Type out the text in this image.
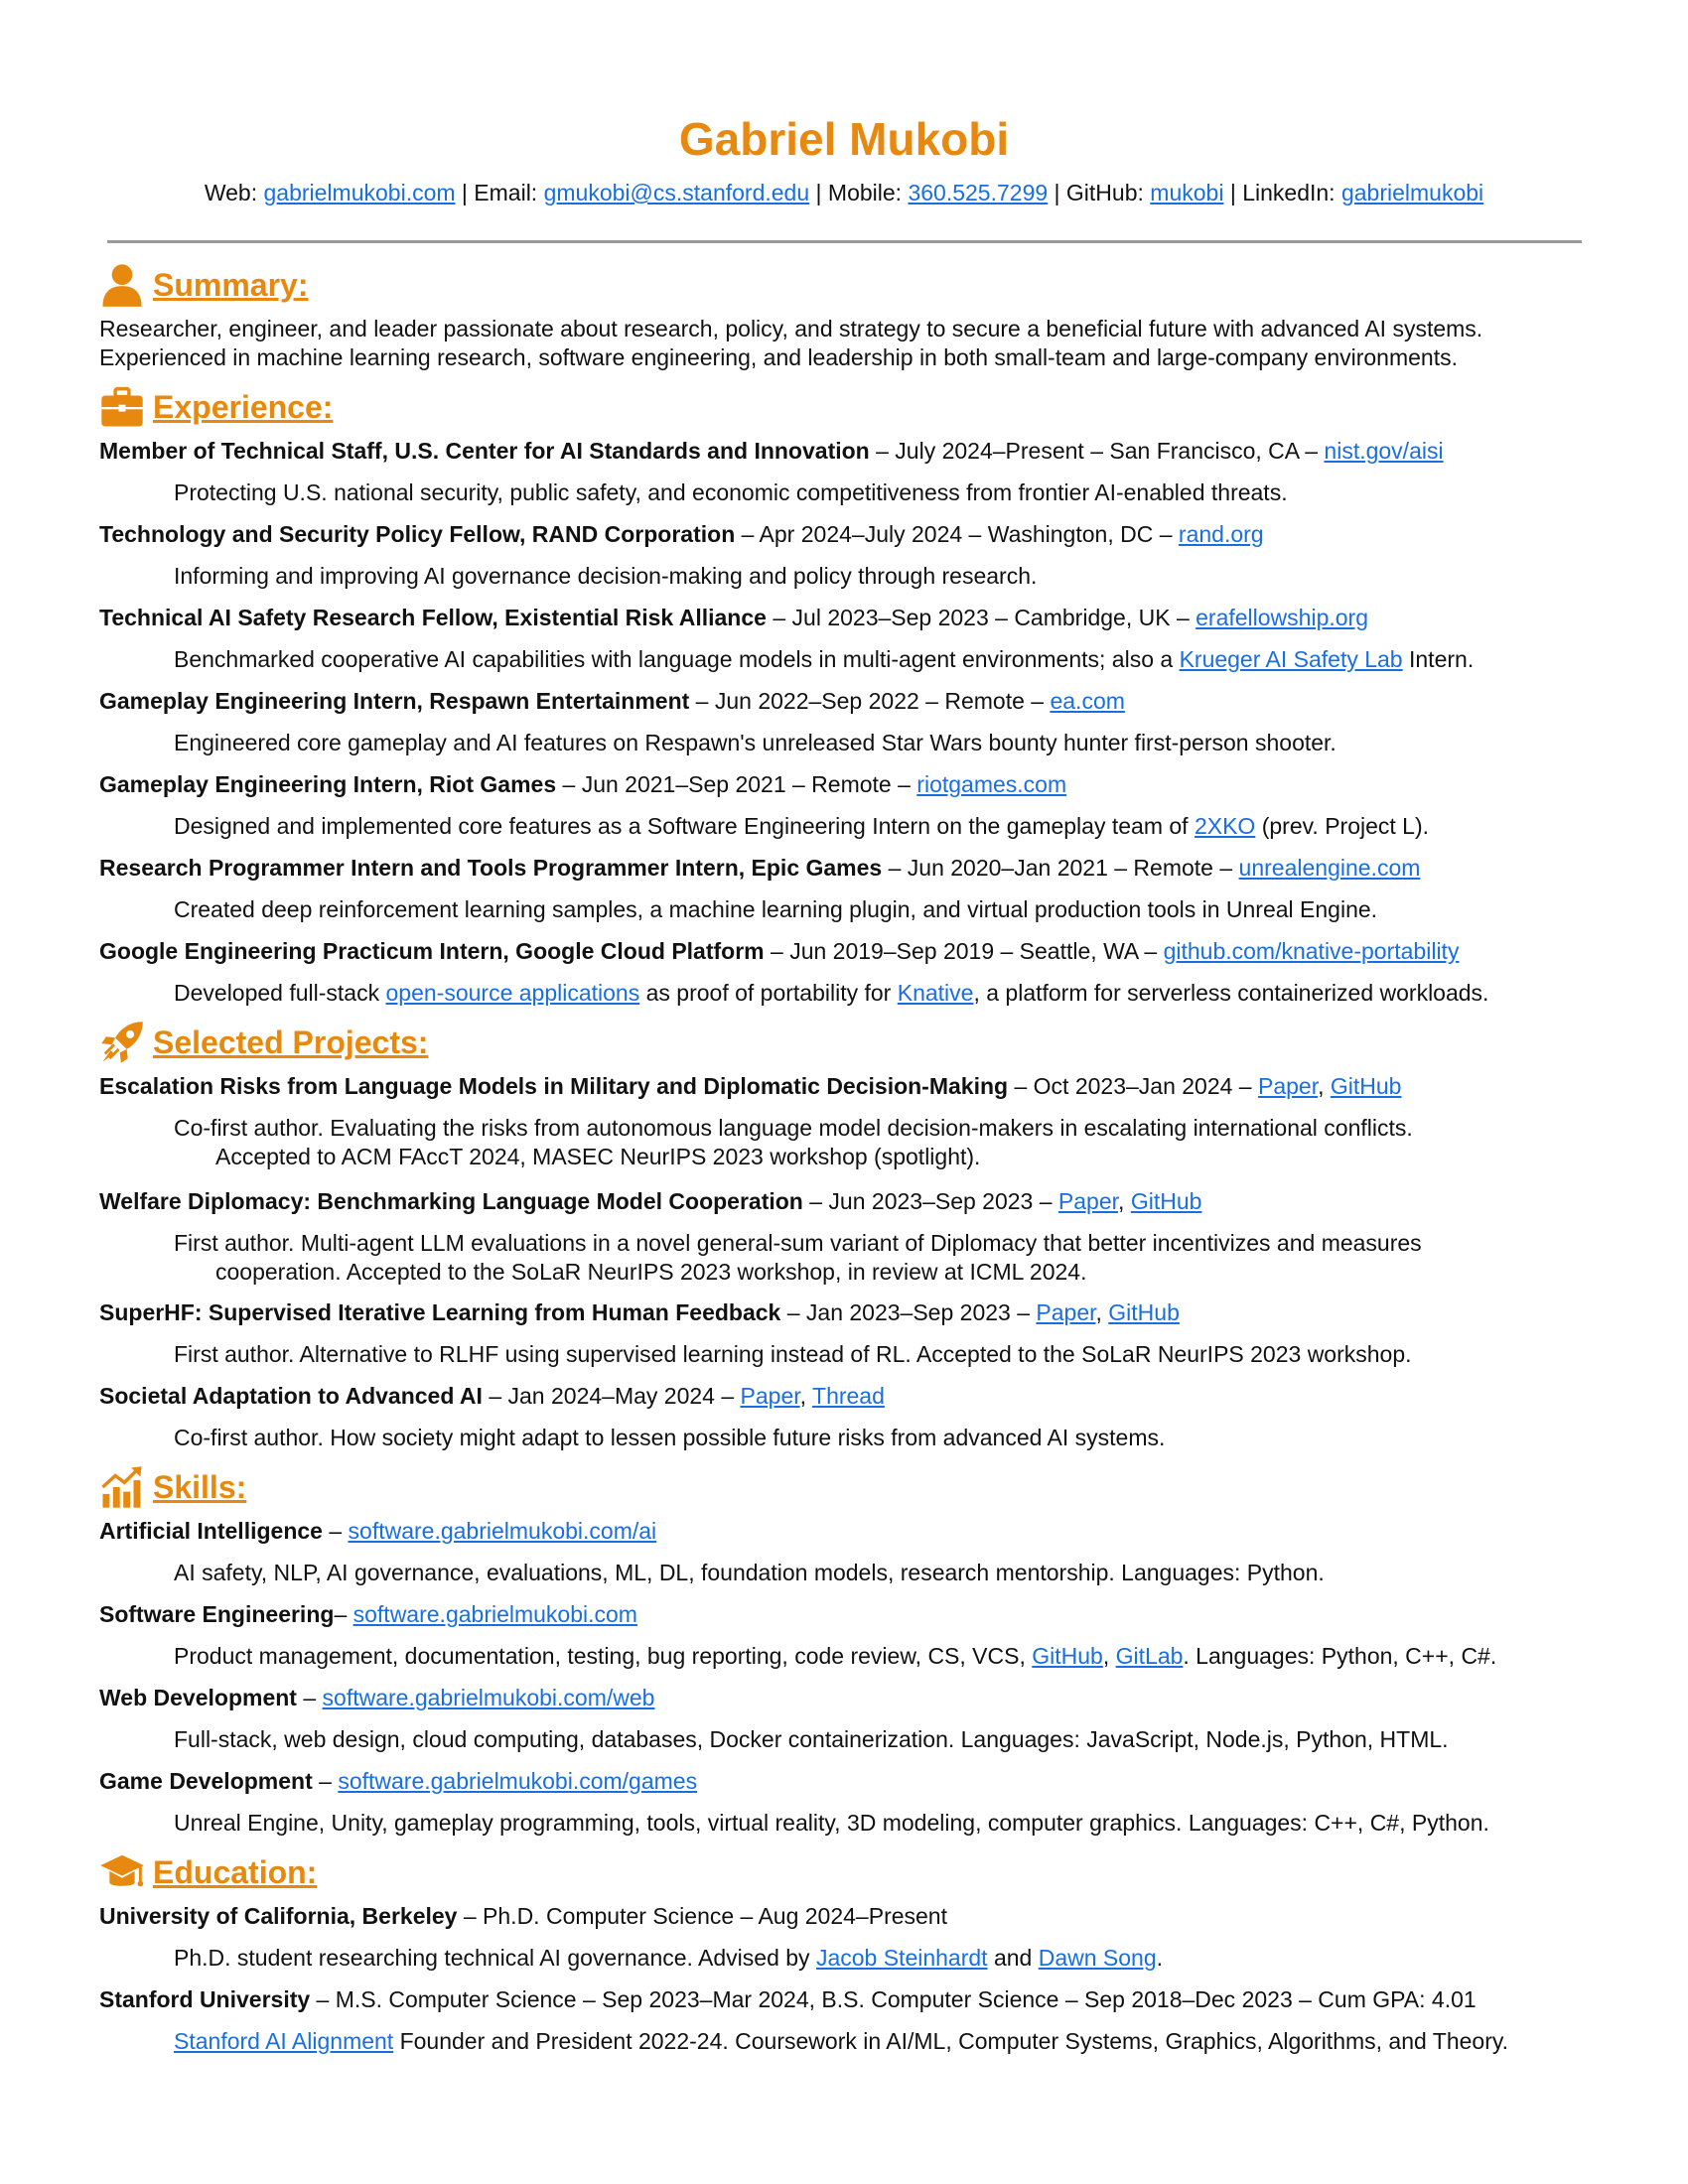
Gabriel Mukobi
Web: gabrielmukobi.com | Email: gmukobi@cs.stanford.edu | Mobile: 360.525.7299 | GitHub: mukobi | LinkedIn: gabrielmukobi
Summary:
Researcher, engineer, and leader passionate about research, policy, and strategy to secure a beneficial future with advanced AI systems.
Experienced in machine learning research, software engineering, and leadership in both small-team and large-company environments.
Experience:
Member of Technical Staff, U.S. Center for AI Standards and Innovation – July 2024–Present – San Francisco, CA – nist.gov/aisi
Protecting U.S. national security, public safety, and economic competitiveness from frontier AI-enabled threats.
Technology and Security Policy Fellow, RAND Corporation – Apr 2024–July 2024 – Washington, DC – rand.org
Informing and improving AI governance decision-making and policy through research.
Technical AI Safety Research Fellow, Existential Risk Alliance – Jul 2023–Sep 2023 – Cambridge, UK – erafellowship.org
Benchmarked cooperative AI capabilities with language models in multi-agent environments; also a Krueger AI Safety Lab Intern.
Gameplay Engineering Intern, Respawn Entertainment – Jun 2022–Sep 2022 – Remote – ea.com
Engineered core gameplay and AI features on Respawn's unreleased Star Wars bounty hunter first-person shooter.
Gameplay Engineering Intern, Riot Games – Jun 2021–Sep 2021 – Remote – riotgames.com
Designed and implemented core features as a Software Engineering Intern on the gameplay team of 2XKO (prev. Project L).
Research Programmer Intern and Tools Programmer Intern, Epic Games – Jun 2020–Jan 2021 – Remote – unrealengine.com
Created deep reinforcement learning samples, a machine learning plugin, and virtual production tools in Unreal Engine.
Google Engineering Practicum Intern, Google Cloud Platform – Jun 2019–Sep 2019 – Seattle, WA – github.com/knative-portability
Developed full-stack open-source applications as proof of portability for Knative, a platform for serverless containerized workloads.
Selected Projects:
Escalation Risks from Language Models in Military and Diplomatic Decision-Making – Oct 2023–Jan 2024 – Paper, GitHub
Co-first author. Evaluating the risks from autonomous language model decision-makers in escalating international conflicts.
Accepted to ACM FAccT 2024, MASEC NeurIPS 2023 workshop (spotlight).
Welfare Diplomacy: Benchmarking Language Model Cooperation – Jun 2023–Sep 2023 – Paper, GitHub
First author. Multi-agent LLM evaluations in a novel general-sum variant of Diplomacy that better incentivizes and measures
cooperation. Accepted to the SoLaR NeurIPS 2023 workshop, in review at ICML 2024.
SuperHF: Supervised Iterative Learning from Human Feedback – Jan 2023–Sep 2023 – Paper, GitHub
First author. Alternative to RLHF using supervised learning instead of RL. Accepted to the SoLaR NeurIPS 2023 workshop.
Societal Adaptation to Advanced AI – Jan 2024–May 2024 – Paper, Thread
Co-first author. How society might adapt to lessen possible future risks from advanced AI systems.
Skills:
Artificial Intelligence – software.gabrielmukobi.com/ai
AI safety, NLP, AI governance, evaluations, ML, DL, foundation models, research mentorship. Languages: Python.
Software Engineering– software.gabrielmukobi.com
Product management, documentation, testing, bug reporting, code review, CS, VCS, GitHub, GitLab. Languages: Python, C++, C#.
Web Development – software.gabrielmukobi.com/web
Full-stack, web design, cloud computing, databases, Docker containerization. Languages: JavaScript, Node.js, Python, HTML.
Game Development – software.gabrielmukobi.com/games
Unreal Engine, Unity, gameplay programming, tools, virtual reality, 3D modeling, computer graphics. Languages: C++, C#, Python.
Education:
University of California, Berkeley – Ph.D. Computer Science – Aug 2024–Present
Ph.D. student researching technical AI governance. Advised by Jacob Steinhardt and Dawn Song.
Stanford University – M.S. Computer Science – Sep 2023–Mar 2024, B.S. Computer Science – Sep 2018–Dec 2023 – Cum GPA: 4.01
Stanford AI Alignment Founder and President 2022-24. Coursework in AI/ML, Computer Systems, Graphics, Algorithms, and Theory.
